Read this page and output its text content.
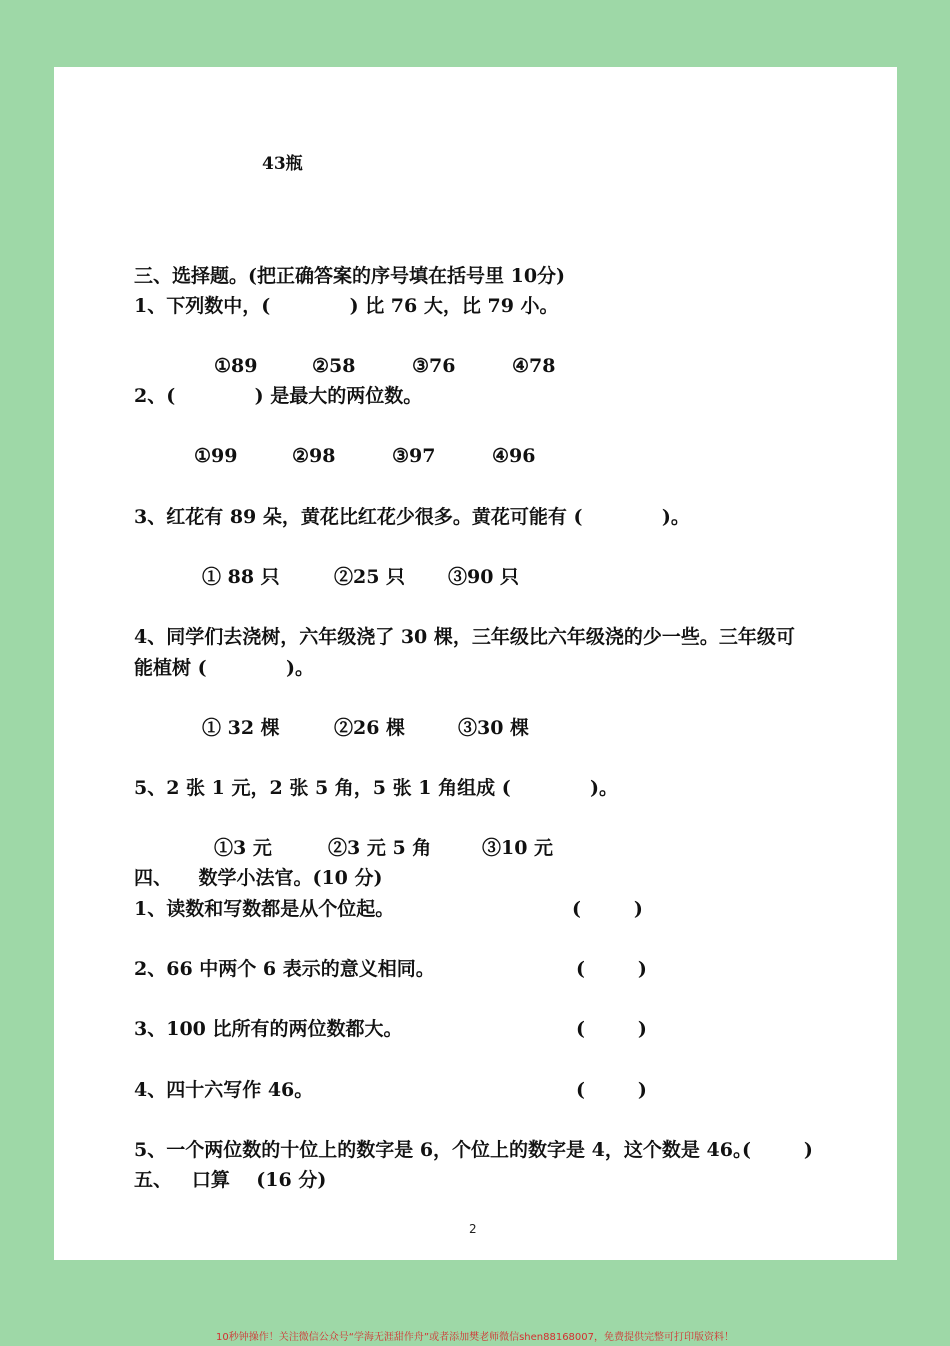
43瓶
三、选择题。(把正确答案的序号填在括号里 10分)
1、下列数中，(            ) 比 76 大，比 79 小。
①89	②58	③76	④78
2、(            ) 是最大的两位数。
①99	②98	③97	④96
3、红花有 89 朵，黄花比红花少很多。黄花可能有 (            )。
① 88 只	②25 只 ③90 只
4、同学们去浇树，六年级浇了 30 棵，三年级比六年级浇的少一些。三年级可
能植树 (            )。
① 32 棵	②26 棵	③30 棵
5、2 张 1 元，2 张 5 角，5 张 1 角组成 (            )。
①3 元	②3 元 5 角	③10 元
四、    数学小法官。(10 分)
1、读数和写数都是从个位起。	(        )
2、66 中两个 6 表示的意义相同。	(        )
3、100 比所有的两位数都大。	(        )
4、四十六写作 46。	(        )
5、一个两位数的十位上的数字是 6，个位上的数字是 4，这个数是 46。
(        )
五、   口算    (16 分)
2
10秒钟操作！关注微信公众号“学海无涯甜作舟”或者添加樊老师微信shen88168007，免费提供完整可打印版资料！
